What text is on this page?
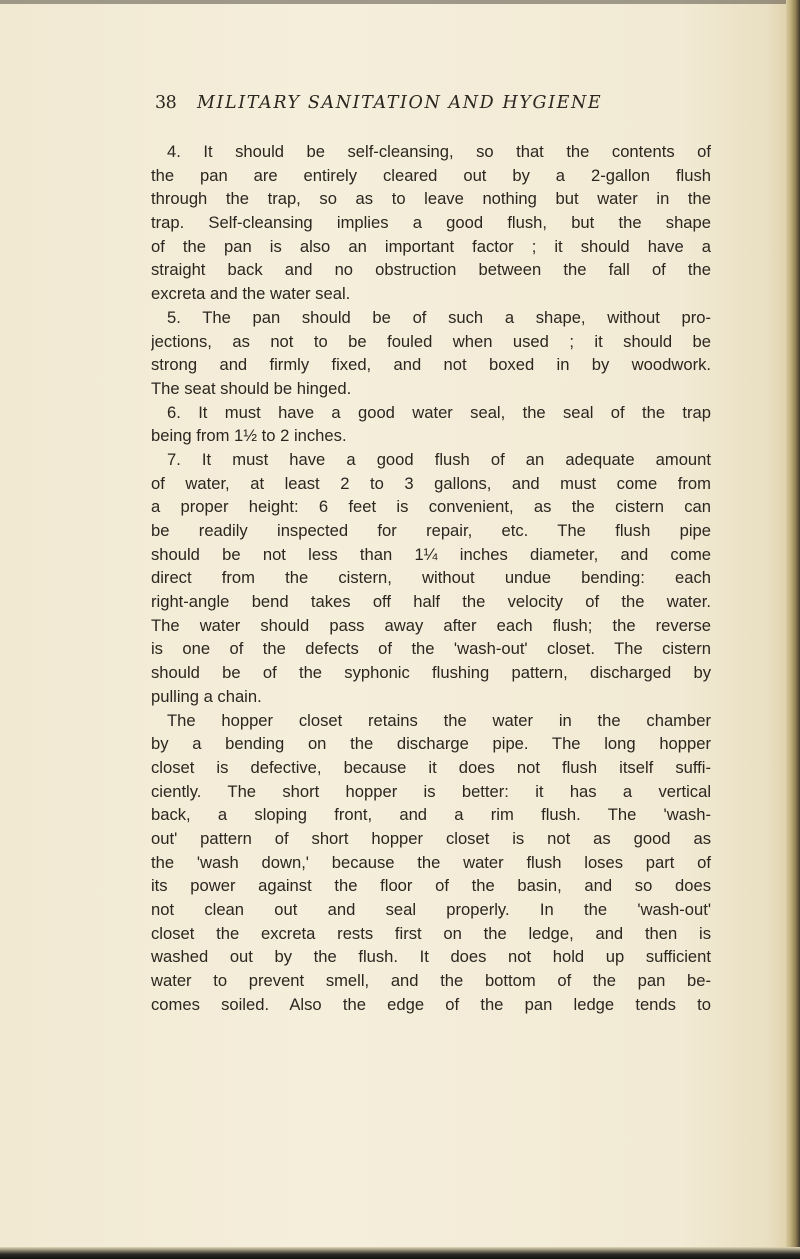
38 MILITARY SANITATION AND HYGIENE
4. It should be self-cleansing, so that the contents of
the pan are entirely cleared out by a 2-gallon flush
through the trap, so as to leave nothing but water in the
trap. Self-cleansing implies a good flush, but the shape
of the pan is also an important factor ; it should have a
straight back and no obstruction between the fall of the
excreta and the water seal.
5. The pan should be of such a shape, without pro-
jections, as not to be fouled when used ; it should be
strong and firmly fixed, and not boxed in by woodwork.
The seat should be hinged.
6. It must have a good water seal, the seal of the trap
being from 1½ to 2 inches.
7. It must have a good flush of an adequate amount
of water, at least 2 to 3 gallons, and must come from
a proper height: 6 feet is convenient, as the cistern can
be readily inspected for repair, etc. The flush pipe
should be not less than 1¼ inches diameter, and come
direct from the cistern, without undue bending: each
right-angle bend takes off half the velocity of the water.
The water should pass away after each flush; the reverse
is one of the defects of the 'wash-out' closet. The cistern
should be of the syphonic flushing pattern, discharged by
pulling a chain.
The hopper closet retains the water in the chamber
by a bending on the discharge pipe. The long hopper
closet is defective, because it does not flush itself suffi-
ciently. The short hopper is better: it has a vertical
back, a sloping front, and a rim flush. The 'wash-
out' pattern of short hopper closet is not as good as
the 'wash down,' because the water flush loses part of
its power against the floor of the basin, and so does
not clean out and seal properly. In the 'wash-out'
closet the excreta rests first on the ledge, and then is
washed out by the flush. It does not hold up sufficient
water to prevent smell, and the bottom of the pan be-
comes soiled. Also the edge of the pan ledge tends to
